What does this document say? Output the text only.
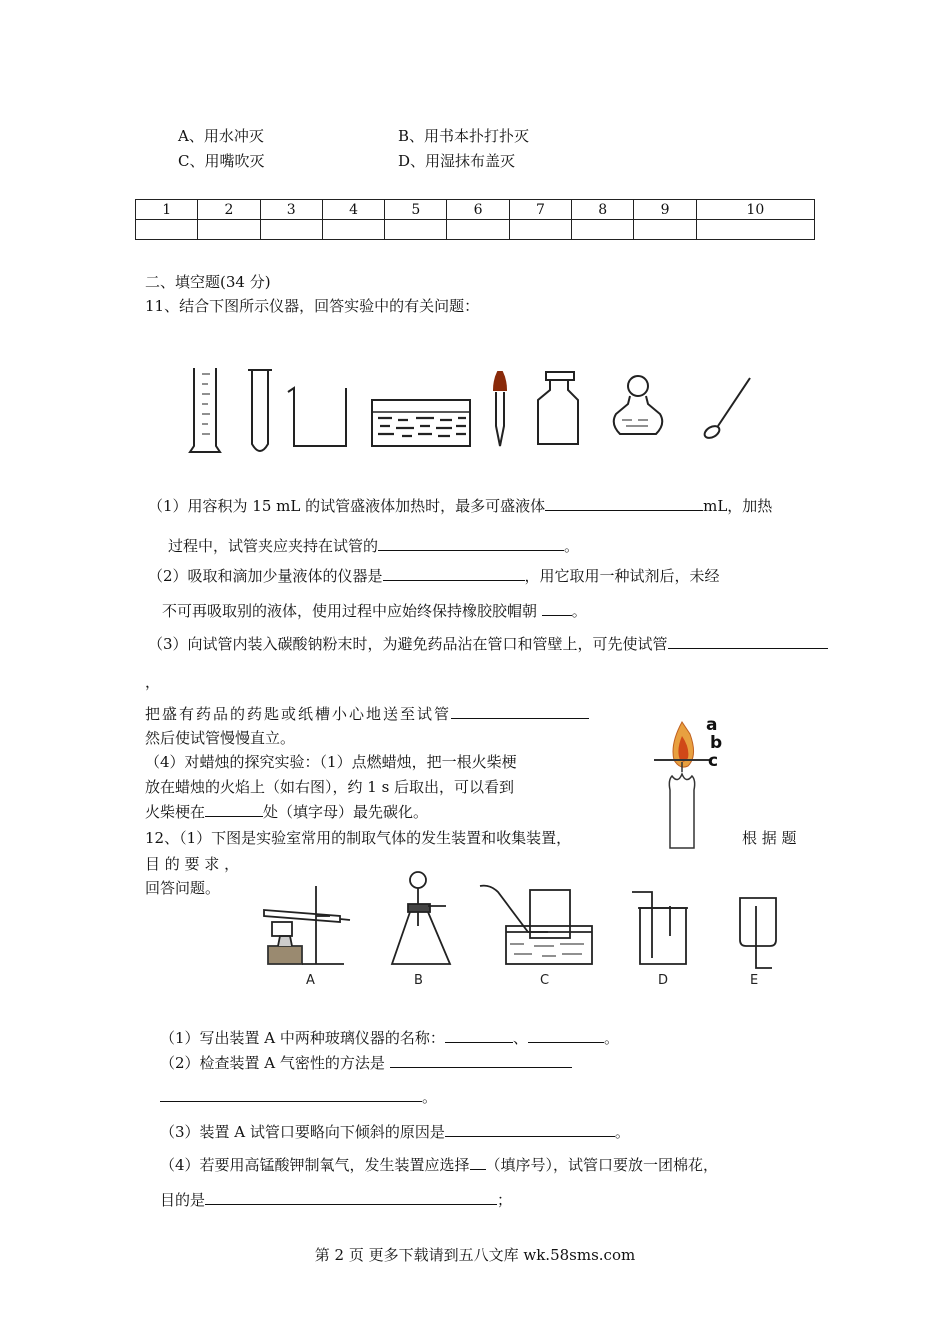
A、用水冲灭	B、用书本扑打扑灭
C、用嘴吹灭	D、用湿抹布盖灭
1	2	3	4	5	6	7	8	9	10

二、填空题(34 分)
11、结合下图所示仪器，回答实验中的有关问题：
（1）用容积为 15 mL 的试管盛液体加热时，最多可盛液体	mL，加热
过程中，试管夹应夹持在试管的	。
（2）吸取和滴加少量液体的仪器是	，用它取用一种试剂后，未经
不可再吸取别的液体，使用过程中应始终保持橡胶胶帽朝 。
（3）向试管内装入碳酸钠粉末时，为避免药品沾在管口和管壁上，可先使试管
，
把盛有药品的药匙或纸槽小心地送至试管
然后使试管慢慢直立。
（4）对蜡烛的探究实验：（1）点燃蜡烛，把一根火柴梗
放在蜡烛的火焰上（如右图），约 1 s 后取出，可以看到
火柴梗在	处（填字母）最先碳化。
a
b
c
12、（1）下图是实验室常用的制取气体的发生装置和收集装置，	根 据 题
目 的 要 求 ，
回答问题。
A	B	C	D	E
（1）写出装置 A 中两种玻璃仪器的名称：	、	。
（2）检查装置 A 气密性的方法是
。
（3）装置 A 试管口要略向下倾斜的原因是	。
（4）若要用高锰酸钾制氧气，发生装置应选择 （填序号），试管口要放一团棉花，
目的是	；
第 2 页 更多下载请到五八文库 wk.58sms.com
